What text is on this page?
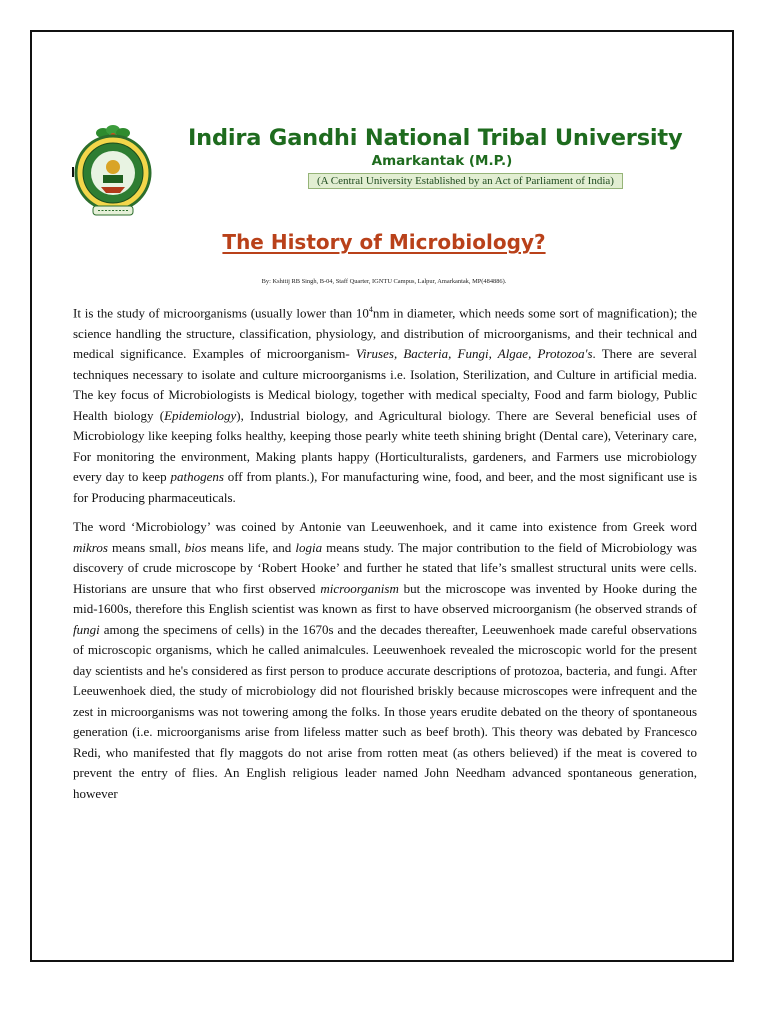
Indira Gandhi National Tribal University
Amarkantak (M.P.)
(A Central University Established by an Act of Parliament of India)
The History of Microbiology?
By: Kshitij RB Singh, B-04, Staff Quarter, IGNTU Campus, Lalpur, Amarkantak, MP(484886).

It is the study of microorganisms (usually lower than $10^4nm$ in diameter, which needs some sort of magnification); the science handling the structure, classification, physiology, and distribution of microorganisms, and their technical and medical significance. Examples of microorganism- Viruses, Bacteria, Fungi, Algae, Protozoa's. There are several techniques necessary to isolate and culture microorganisms i.e. Isolation, Sterilization, and Culture in artificial media. The key focus of Microbiologists is Medical biology, together with medical specialty, Food and farm biology, Public Health biology (Epidemiology), Industrial biology, and Agricultural biology. There are Several beneficial uses of Microbiology like keeping folks healthy, keeping those pearly white teeth shining bright (Dental care), Veterinary care, For monitoring the environment, Making plants happy (Horticulturalists, gardeners, and Farmers use microbiology every day to keep pathogens off from plants.), For manufacturing wine, food, and beer, and the most significant use is for Producing pharmaceuticals.

The word ‘Microbiology’ was coined by Antonie van Leeuwenhoek, and it came into existence from Greek word mikros means small, bios means life, and logia means study. The major contribution to the field of Microbiology was discovery of crude microscope by ‘Robert Hooke’ and further he stated that life’s smallest structural units were cells. Historians are unsure that who first observed microorganism but the microscope was invented by Hooke during the mid-1600s, therefore this English scientist was known as first to have observed microorganism (he observed strands of fungi among the specimens of cells) in the 1670s and the decades thereafter, Leeuwenhoek made careful observations of microscopic organisms, which he called animalcules. Leeuwenhoek revealed the microscopic world for the present day scientists and he's considered as first person to produce accurate descriptions of protozoa, bacteria, and fungi. After Leeuwenhoek died, the study of microbiology did not flourished briskly because microscopes were infrequent and the zest in microorganisms was not towering among the folks. In those years erudite debated on the theory of spontaneous generation (i.e. microorganisms arise from lifeless matter such as beef broth). This theory was debated by Francesco Redi, who manifested that fly maggots do not arise from rotten meat (as others believed) if the meat is covered to prevent the entry of flies. An English religious leader named John Needham advanced spontaneous generation, however
